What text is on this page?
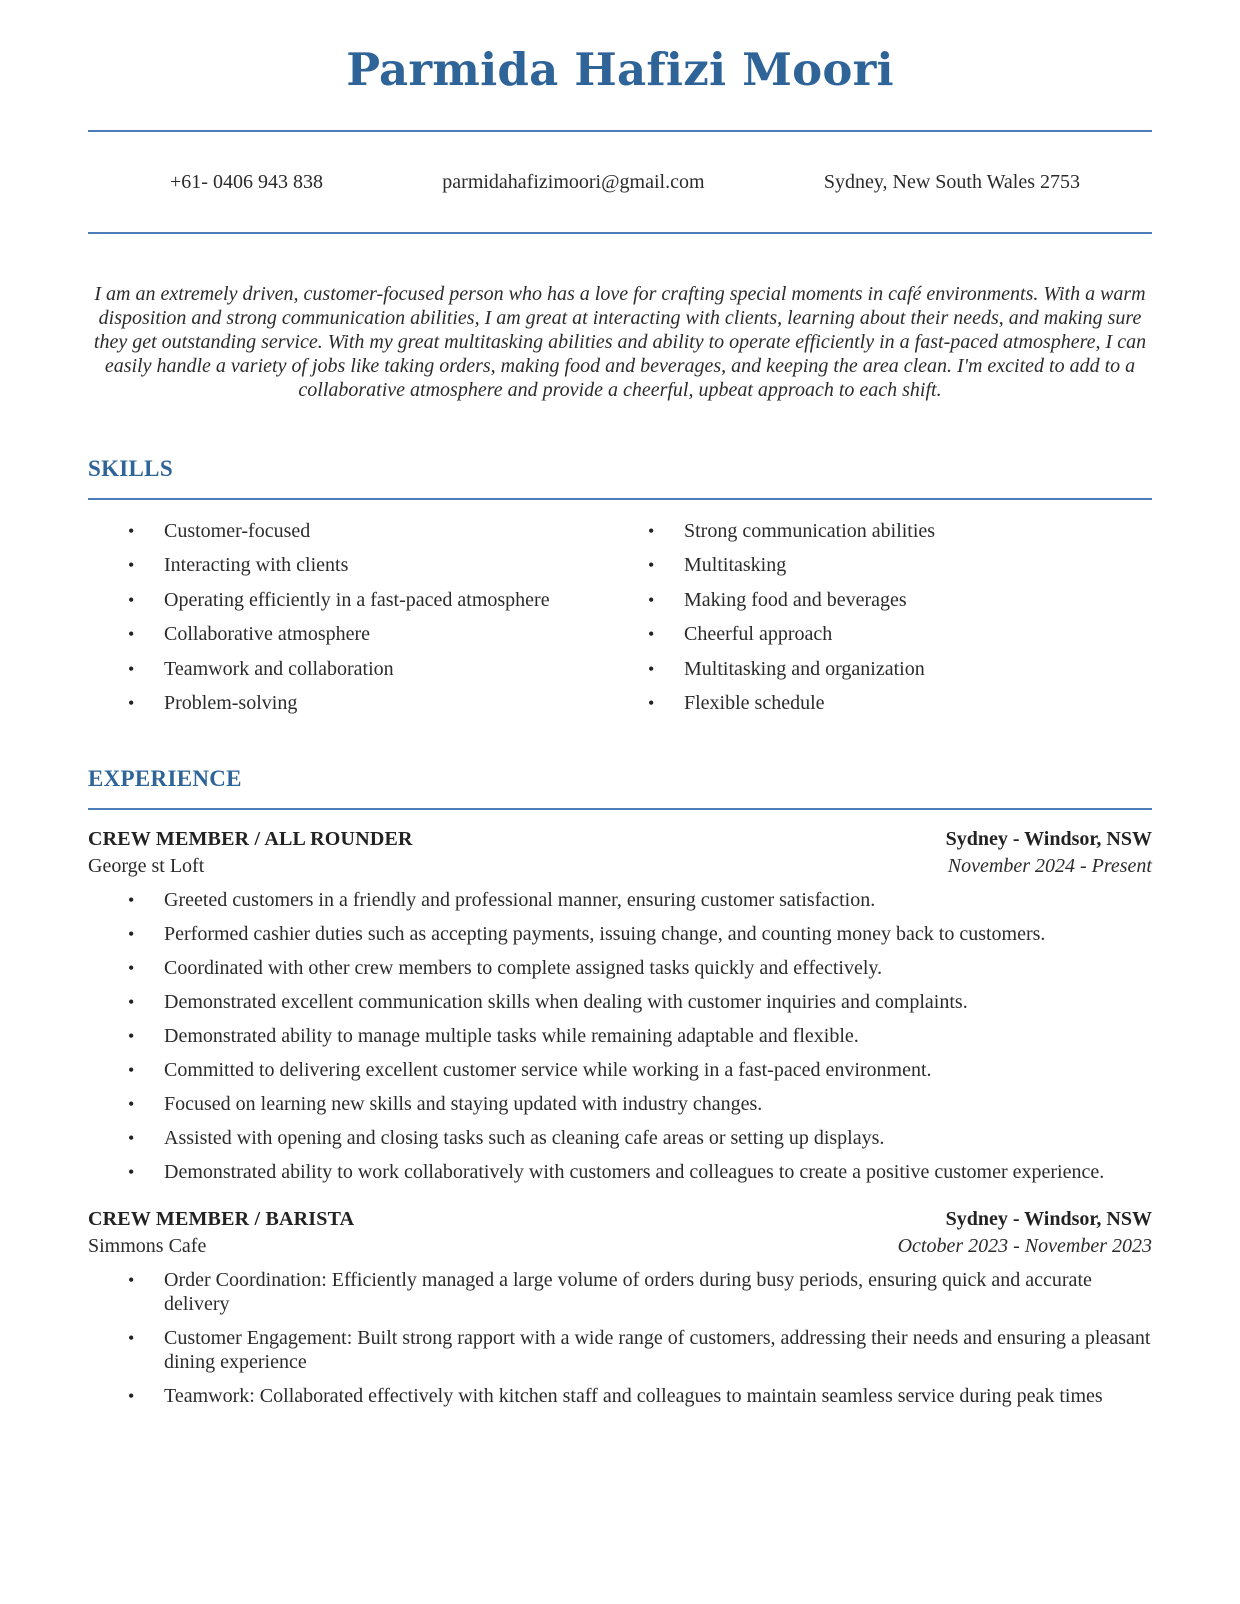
Parmida Hafizi Moori
+61- 0406 943 838	parmidahafizimoori@gmail.com	Sydney, New South Wales 2753

I am an extremely driven, customer-focused person who has a love for crafting special moments in café environments. With a warm disposition and strong communication abilities, I am great at interacting with clients, learning about their needs, and making sure they get outstanding service. With my great multitasking abilities and ability to operate efficiently in a fast-paced atmosphere, I can easily handle a variety of jobs like taking orders, making food and beverages, and keeping the area clean. I'm excited to add to a collaborative atmosphere and provide a cheerful, upbeat approach to each shift.

SKILLS
• Customer-focused
• Interacting with clients
• Operating efficiently in a fast-paced atmosphere
• Collaborative atmosphere
• Teamwork and collaboration
• Problem-solving
• Strong communication abilities
• Multitasking
• Making food and beverages
• Cheerful approach
• Multitasking and organization
• Flexible schedule
EXPERIENCE
CREW MEMBER / ALL ROUNDER	Sydney - Windsor, NSW
George st Loft	November 2024 - Present
• Greeted customers in a friendly and professional manner, ensuring customer satisfaction.
• Performed cashier duties such as accepting payments, issuing change, and counting money back to customers.
• Coordinated with other crew members to complete assigned tasks quickly and effectively.
• Demonstrated excellent communication skills when dealing with customer inquiries and complaints.
• Demonstrated ability to manage multiple tasks while remaining adaptable and flexible.
• Committed to delivering excellent customer service while working in a fast-paced environment.
• Focused on learning new skills and staying updated with industry changes.
• Assisted with opening and closing tasks such as cleaning cafe areas or setting up displays.
• Demonstrated ability to work collaboratively with customers and colleagues to create a positive customer experience.
CREW MEMBER / BARISTA	Sydney - Windsor, NSW
Simmons Cafe	October 2023 - November 2023
• Order Coordination: Efficiently managed a large volume of orders during busy periods, ensuring quick and accurate delivery
• Customer Engagement: Built strong rapport with a wide range of customers, addressing their needs and ensuring a pleasant dining experience
• Teamwork: Collaborated effectively with kitchen staff and colleagues to maintain seamless service during peak times
